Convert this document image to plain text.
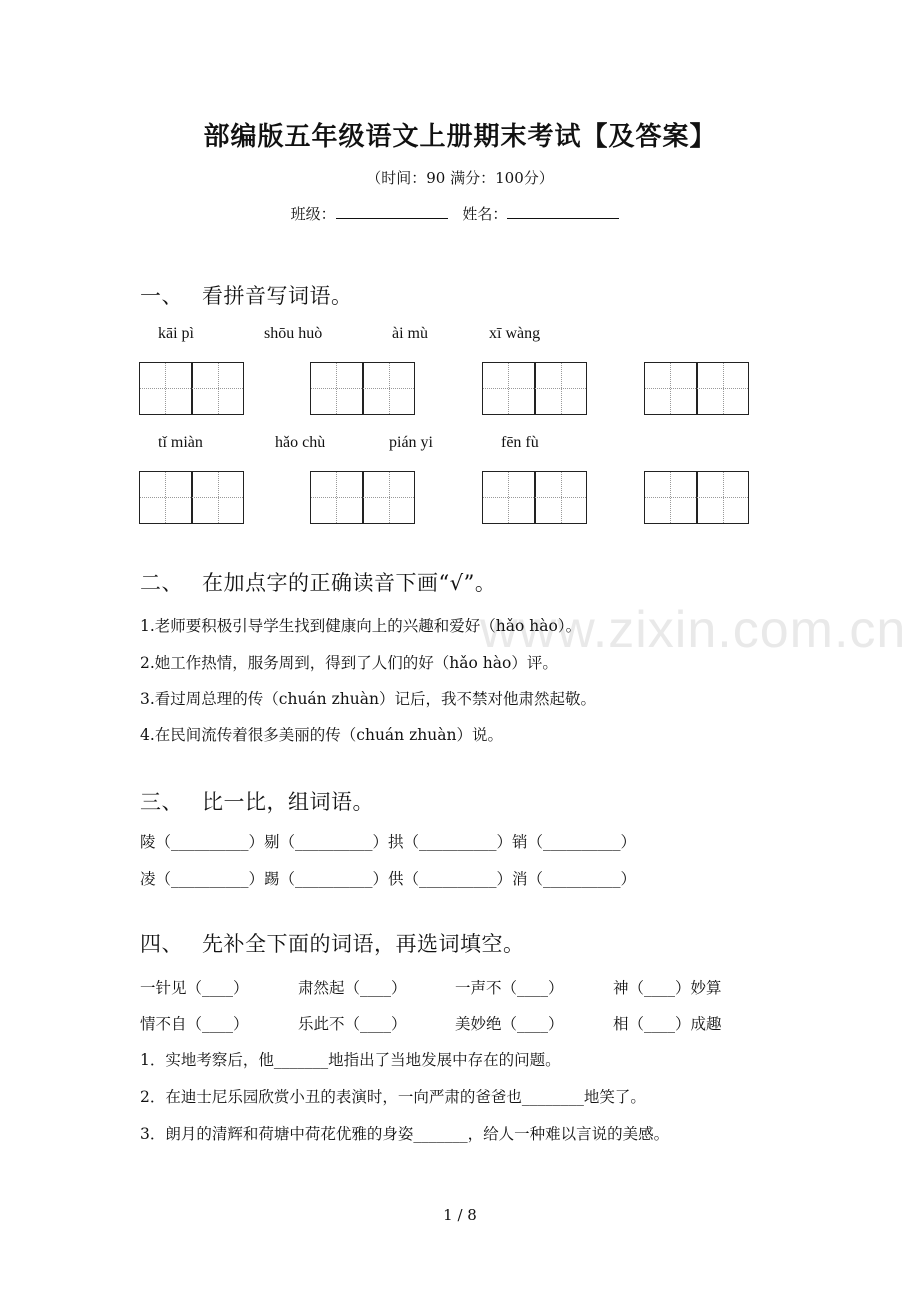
www.zixin.com.cn
部编版五年级语文上册期末考试【及答案】
（时间：90 满分：100分）
班级：	姓名：
一、 看拼音写词语。
kāi pì	shōu huò	ài mù	xī wàng
tǐ miàn	hǎo chù	pián yi	fēn fù
二、 在加点字的正确读音下画“√”。
1.老师要积极引导学生找到健康向上的兴趣和爱好（hǎo hào）。
2.她工作热情，服务周到，得到了人们的好（hǎo hào）评。
3.看过周总理的传（chuán zhuàn）记后，我不禁对他肃然起敬。
4.在民间流传着很多美丽的传（chuán zhuàn）说。
三、 比一比，组词语。
陵（__________）剔（__________）拱（__________）销（__________）
凌（__________）踢（__________）供（__________）消（__________）
四、 先补全下面的词语，再选词填空。
一针见（____）	肃然起（____）	一声不（____）	神（____）妙算
情不自（____）	乐此不（____）	美妙绝（____）	相（____）成趣
1．实地考察后，他_______地指出了当地发展中存在的问题。
2．在迪士尼乐园欣赏小丑的表演时，一向严肃的爸爸也________地笑了。
3．朗月的清辉和荷塘中荷花优雅的身姿_______，给人一种难以言说的美感。
1 / 8
